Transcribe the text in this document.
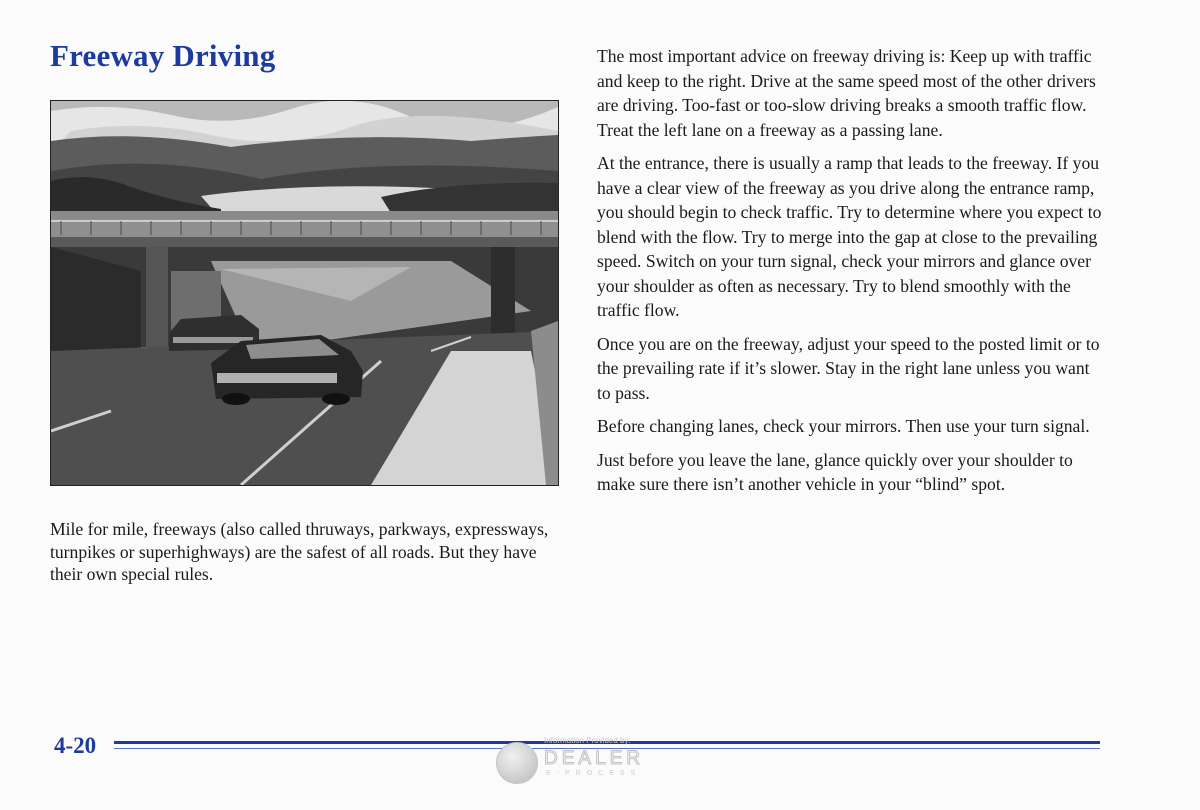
Freeway Driving

Mile for mile, freeways (also called thruways, parkways, expressways, turnpikes or superhighways) are the safest of all roads. But they have their own special rules.

The most important advice on freeway driving is: Keep up with traffic and keep to the right. Drive at the same speed most of the other drivers are driving. Too-fast or too-slow driving breaks a smooth traffic flow. Treat the left lane on a freeway as a passing lane.

At the entrance, there is usually a ramp that leads to the freeway. If you have a clear view of the freeway as you drive along the entrance ramp, you should begin to check traffic. Try to determine where you expect to blend with the flow. Try to merge into the gap at close to the prevailing speed. Switch on your turn signal, check your mirrors and glance over your shoulder as often as necessary. Try to blend smoothly with the traffic flow.

Once you are on the freeway, adjust your speed to the posted limit or to the prevailing rate if it’s slower. Stay in the right lane unless you want to pass.

Before changing lanes, check your mirrors. Then use your turn signal.

Just before you leave the lane, glance quickly over your shoulder to make sure there isn’t another vehicle in your “blind” spot.

4-20	Information Provided by:
DEALER
E-PROCESS
